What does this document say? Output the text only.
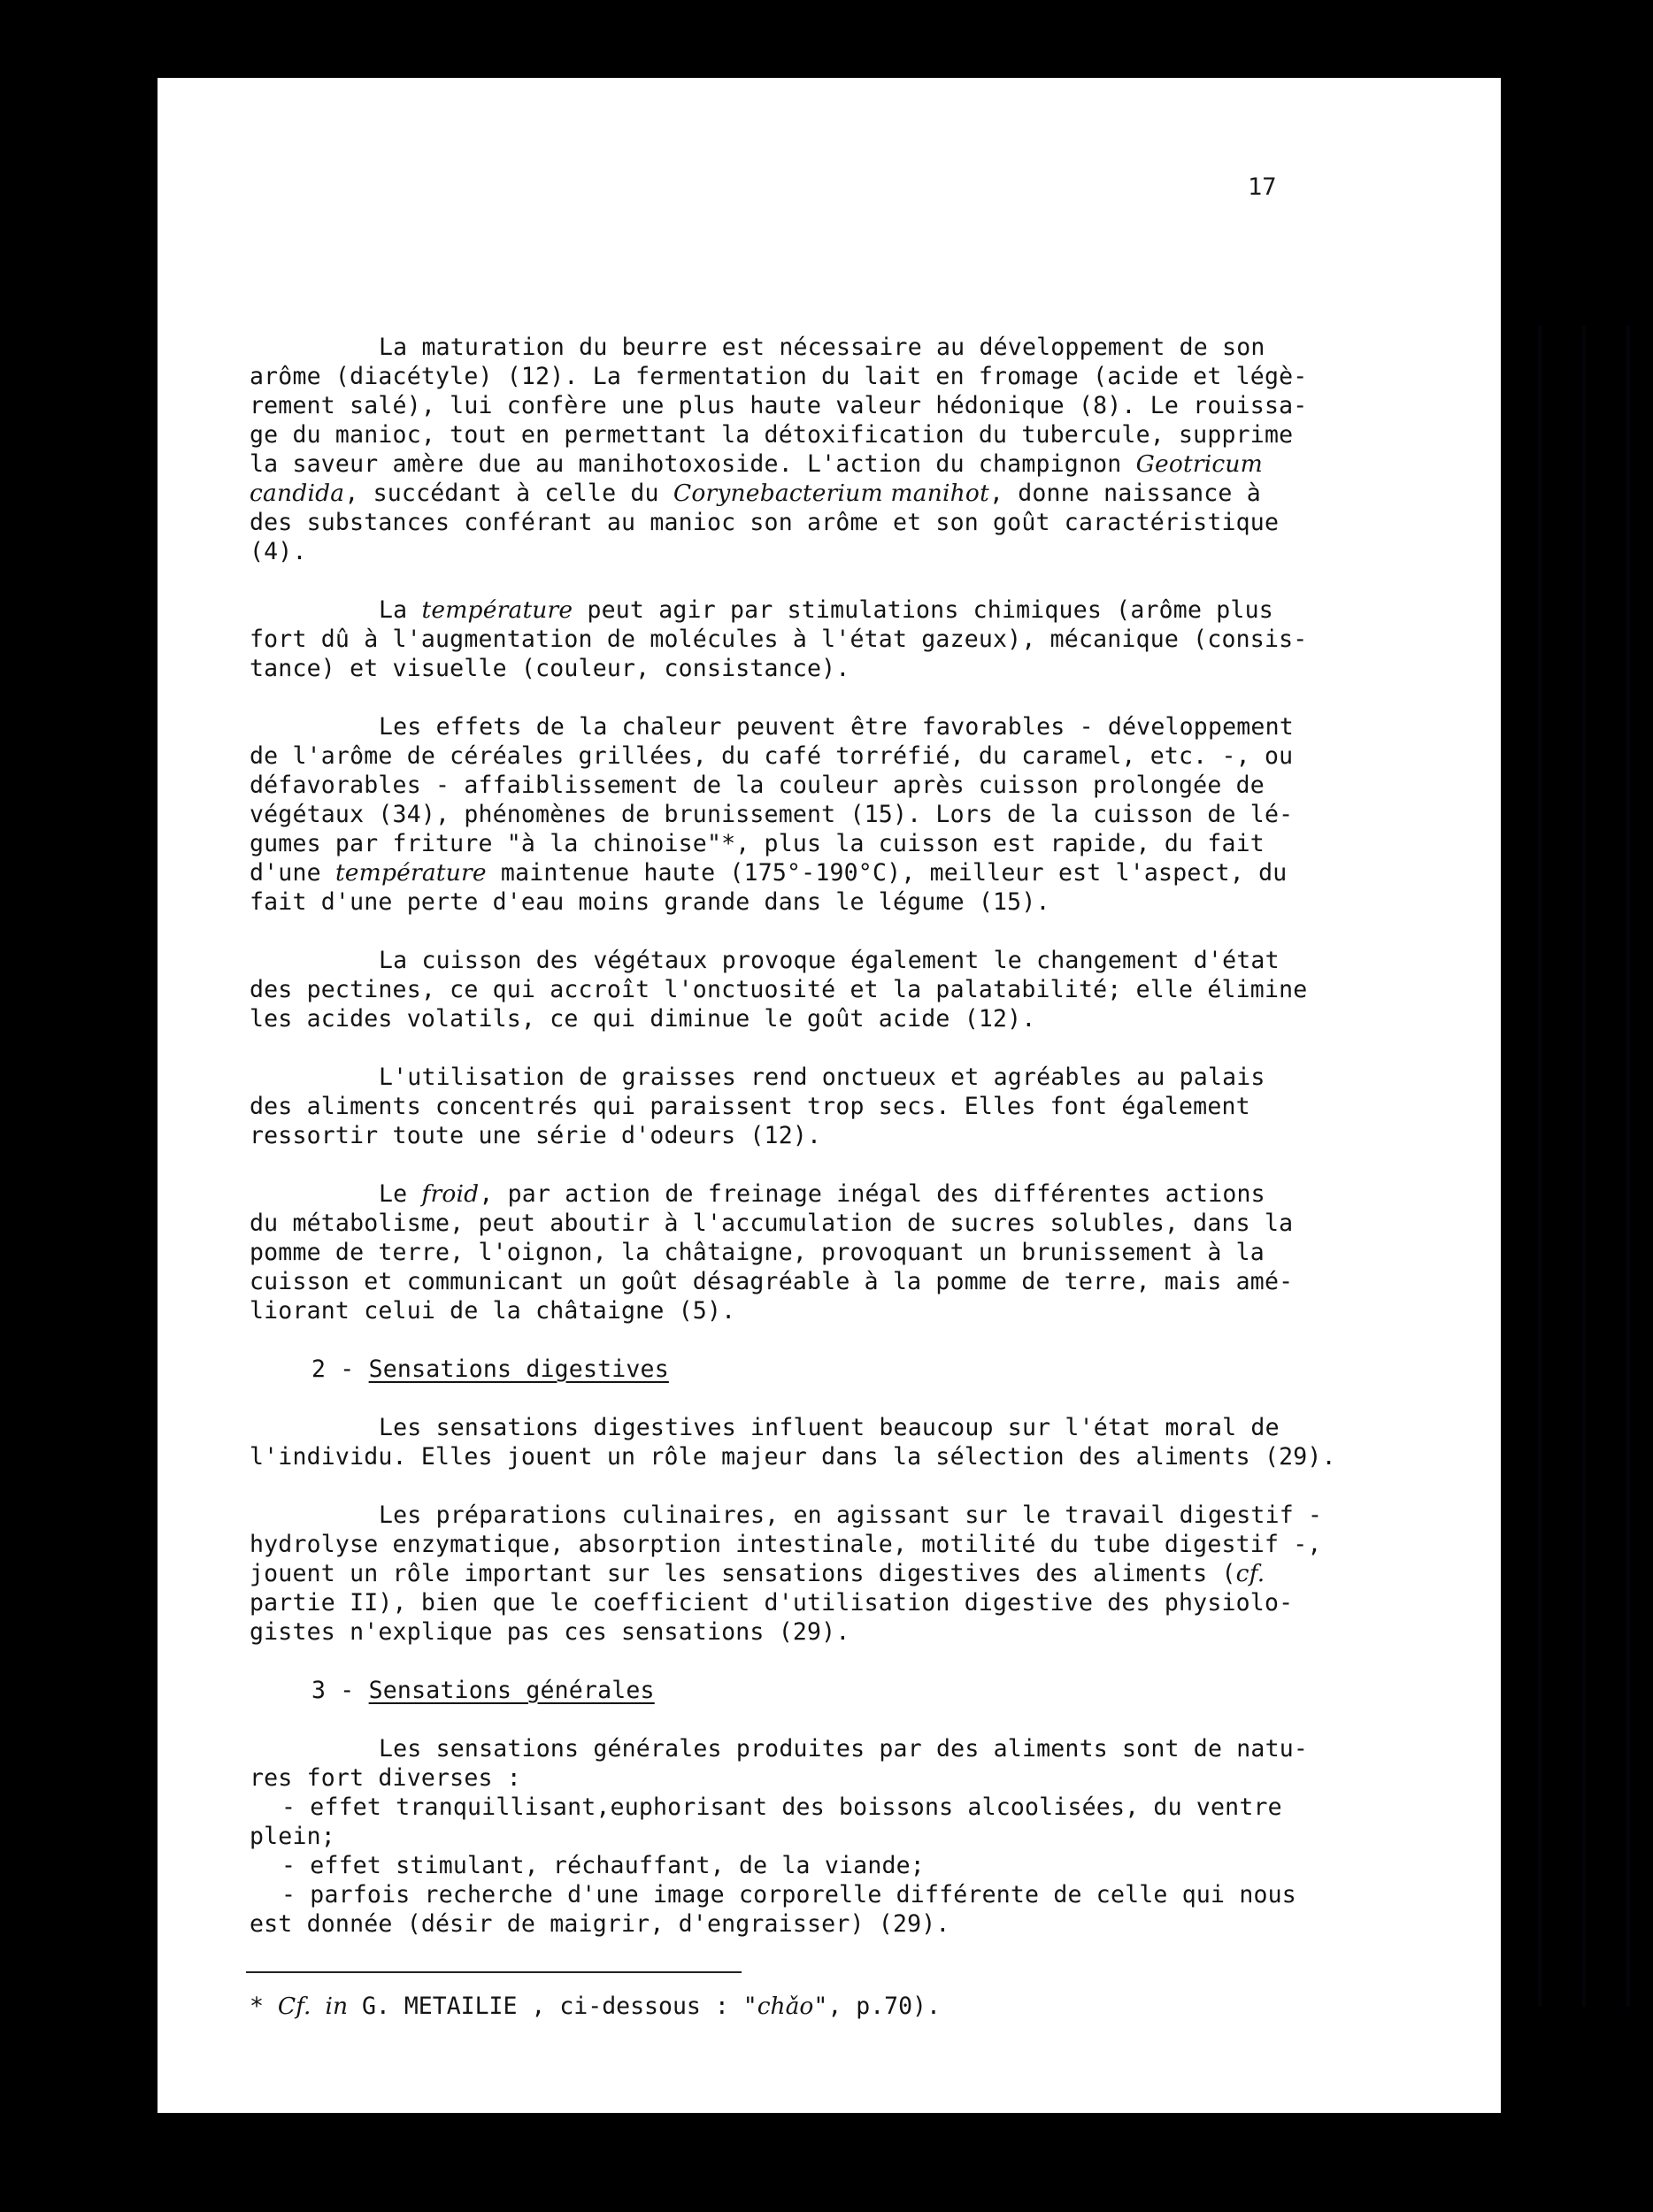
17
La maturation du beurre est nécessaire au développement de son
arôme (diacétyle) (12). La fermentation du lait en fromage (acide et légè-
rement salé), lui confère une plus haute valeur hédonique (8). Le rouissa-
ge du manioc, tout en permettant la détoxification du tubercule, supprime
la saveur amère due au manihotoxoside. L'action du champignon Geotricum
candida, succédant à celle du Corynebacterium manihot, donne naissance à
des substances conférant au manioc son arôme et son goût caractéristique
(4).
La température peut agir par stimulations chimiques (arôme plus
fort dû à l'augmentation de molécules à l'état gazeux), mécanique (consis-
tance) et visuelle (couleur, consistance).
Les effets de la chaleur peuvent être favorables - développement
de l'arôme de céréales grillées, du café torréfié, du caramel, etc. -, ou
défavorables - affaiblissement de la couleur après cuisson prolongée de
végétaux (34), phénomènes de brunissement (15). Lors de la cuisson de lé-
gumes par friture "à la chinoise"*, plus la cuisson est rapide, du fait
d'une température maintenue haute (175°-190°C), meilleur est l'aspect, du
fait d'une perte d'eau moins grande dans le légume (15).
La cuisson des végétaux provoque également le changement d'état
des pectines, ce qui accroît l'onctuosité et la palatabilité; elle élimine
les acides volatils, ce qui diminue le goût acide (12).
L'utilisation de graisses rend onctueux et agréables au palais
des aliments concentrés qui paraissent trop secs. Elles font également
ressortir toute une série d'odeurs (12).
Le froid, par action de freinage inégal des différentes actions
du métabolisme, peut aboutir à l'accumulation de sucres solubles, dans la
pomme de terre, l'oignon, la châtaigne, provoquant un brunissement à la
cuisson et communicant un goût désagréable à la pomme de terre, mais amé-
liorant celui de la châtaigne (5).
2 - Sensations digestives
Les sensations digestives influent beaucoup sur l'état moral de
l'individu. Elles jouent un rôle majeur dans la sélection des aliments (29).
Les préparations culinaires, en agissant sur le travail digestif -
hydrolyse enzymatique, absorption intestinale, motilité du tube digestif -,
jouent un rôle important sur les sensations digestives des aliments (cf.
partie II), bien que le coefficient d'utilisation digestive des physiolo-
gistes n'explique pas ces sensations (29).
3 - Sensations générales
Les sensations générales produites par des aliments sont de natu-
res fort diverses :
- effet tranquillisant,euphorisant des boissons alcoolisées, du ventre
plein;
- effet stimulant, réchauffant, de la viande;
- parfois recherche d'une image corporelle différente de celle qui nous
est donnée (désir de maigrir, d'engraisser) (29).
* Cf. in G. METAILIE , ci-dessous : "chǎo", p.70).
